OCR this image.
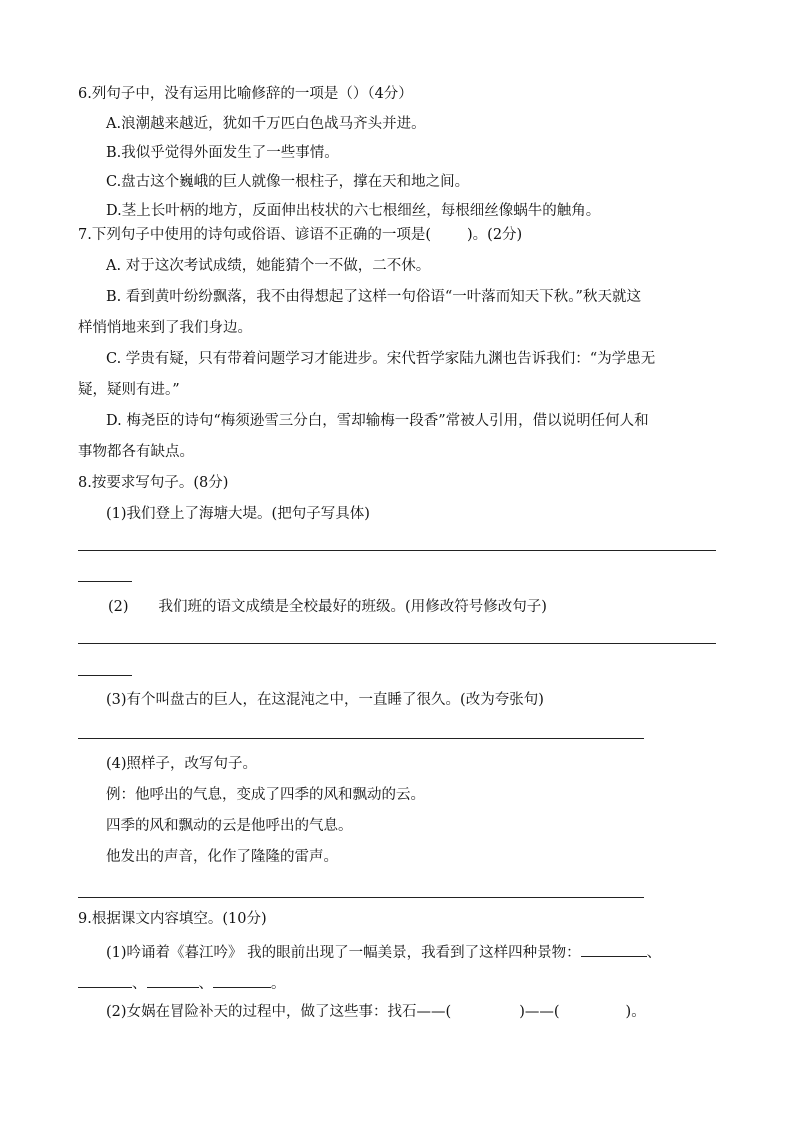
6.列句子中，没有运用比喻修辞的一项是（）（4分）
A.浪潮越来越近，犹如千万匹白色战马齐头并进。
B.我似乎觉得外面发生了一些事情。
C.盘古这个巍峨的巨人就像一根柱子，撑在天和地之间。
D.茎上长叶柄的地方，反面伸出枝状的六七根细丝，每根细丝像蜗牛的触角。
7.下列句子中使用的诗句或俗语、谚语不正确的一项是( )。(2分)
A. 对于这次考试成绩，她能猜个一不做，二不休。
B. 看到黄叶纷纷飘落，我不由得想起了这样一句俗语“一叶落而知天下秋。”秋天就这
样悄悄地来到了我们身边。
C. 学贵有疑，只有带着问题学习才能进步。宋代哲学家陆九渊也告诉我们：“为学患无
疑，疑则有进。”
D. 梅尧臣的诗句“梅须逊雪三分白，雪却输梅一段香”常被人引用，借以说明任何人和
事物都各有缺点。
8.按要求写句子。(8分)
(1)我们登上了海塘大堤。(把句子写具体)
(2) 我们班的语文成绩是全校最好的班级。(用修改符号修改句子)
(3)有个叫盘古的巨人，在这混沌之中，一直睡了很久。(改为夸张句)
(4)照样子，改写句子。
例：他呼出的气息，变成了四季的风和飘动的云。
四季的风和飘动的云是他呼出的气息。
他发出的声音，化作了隆隆的雷声。
9.根据课文内容填空。(10分)
(1)吟诵着《暮江吟》 我的眼前出现了一幅美景，我看到了这样四种景物：	、
、	、	。
(2)女娲在冒险补天的过程中，做了这些事：找石——(	)——(	)。
